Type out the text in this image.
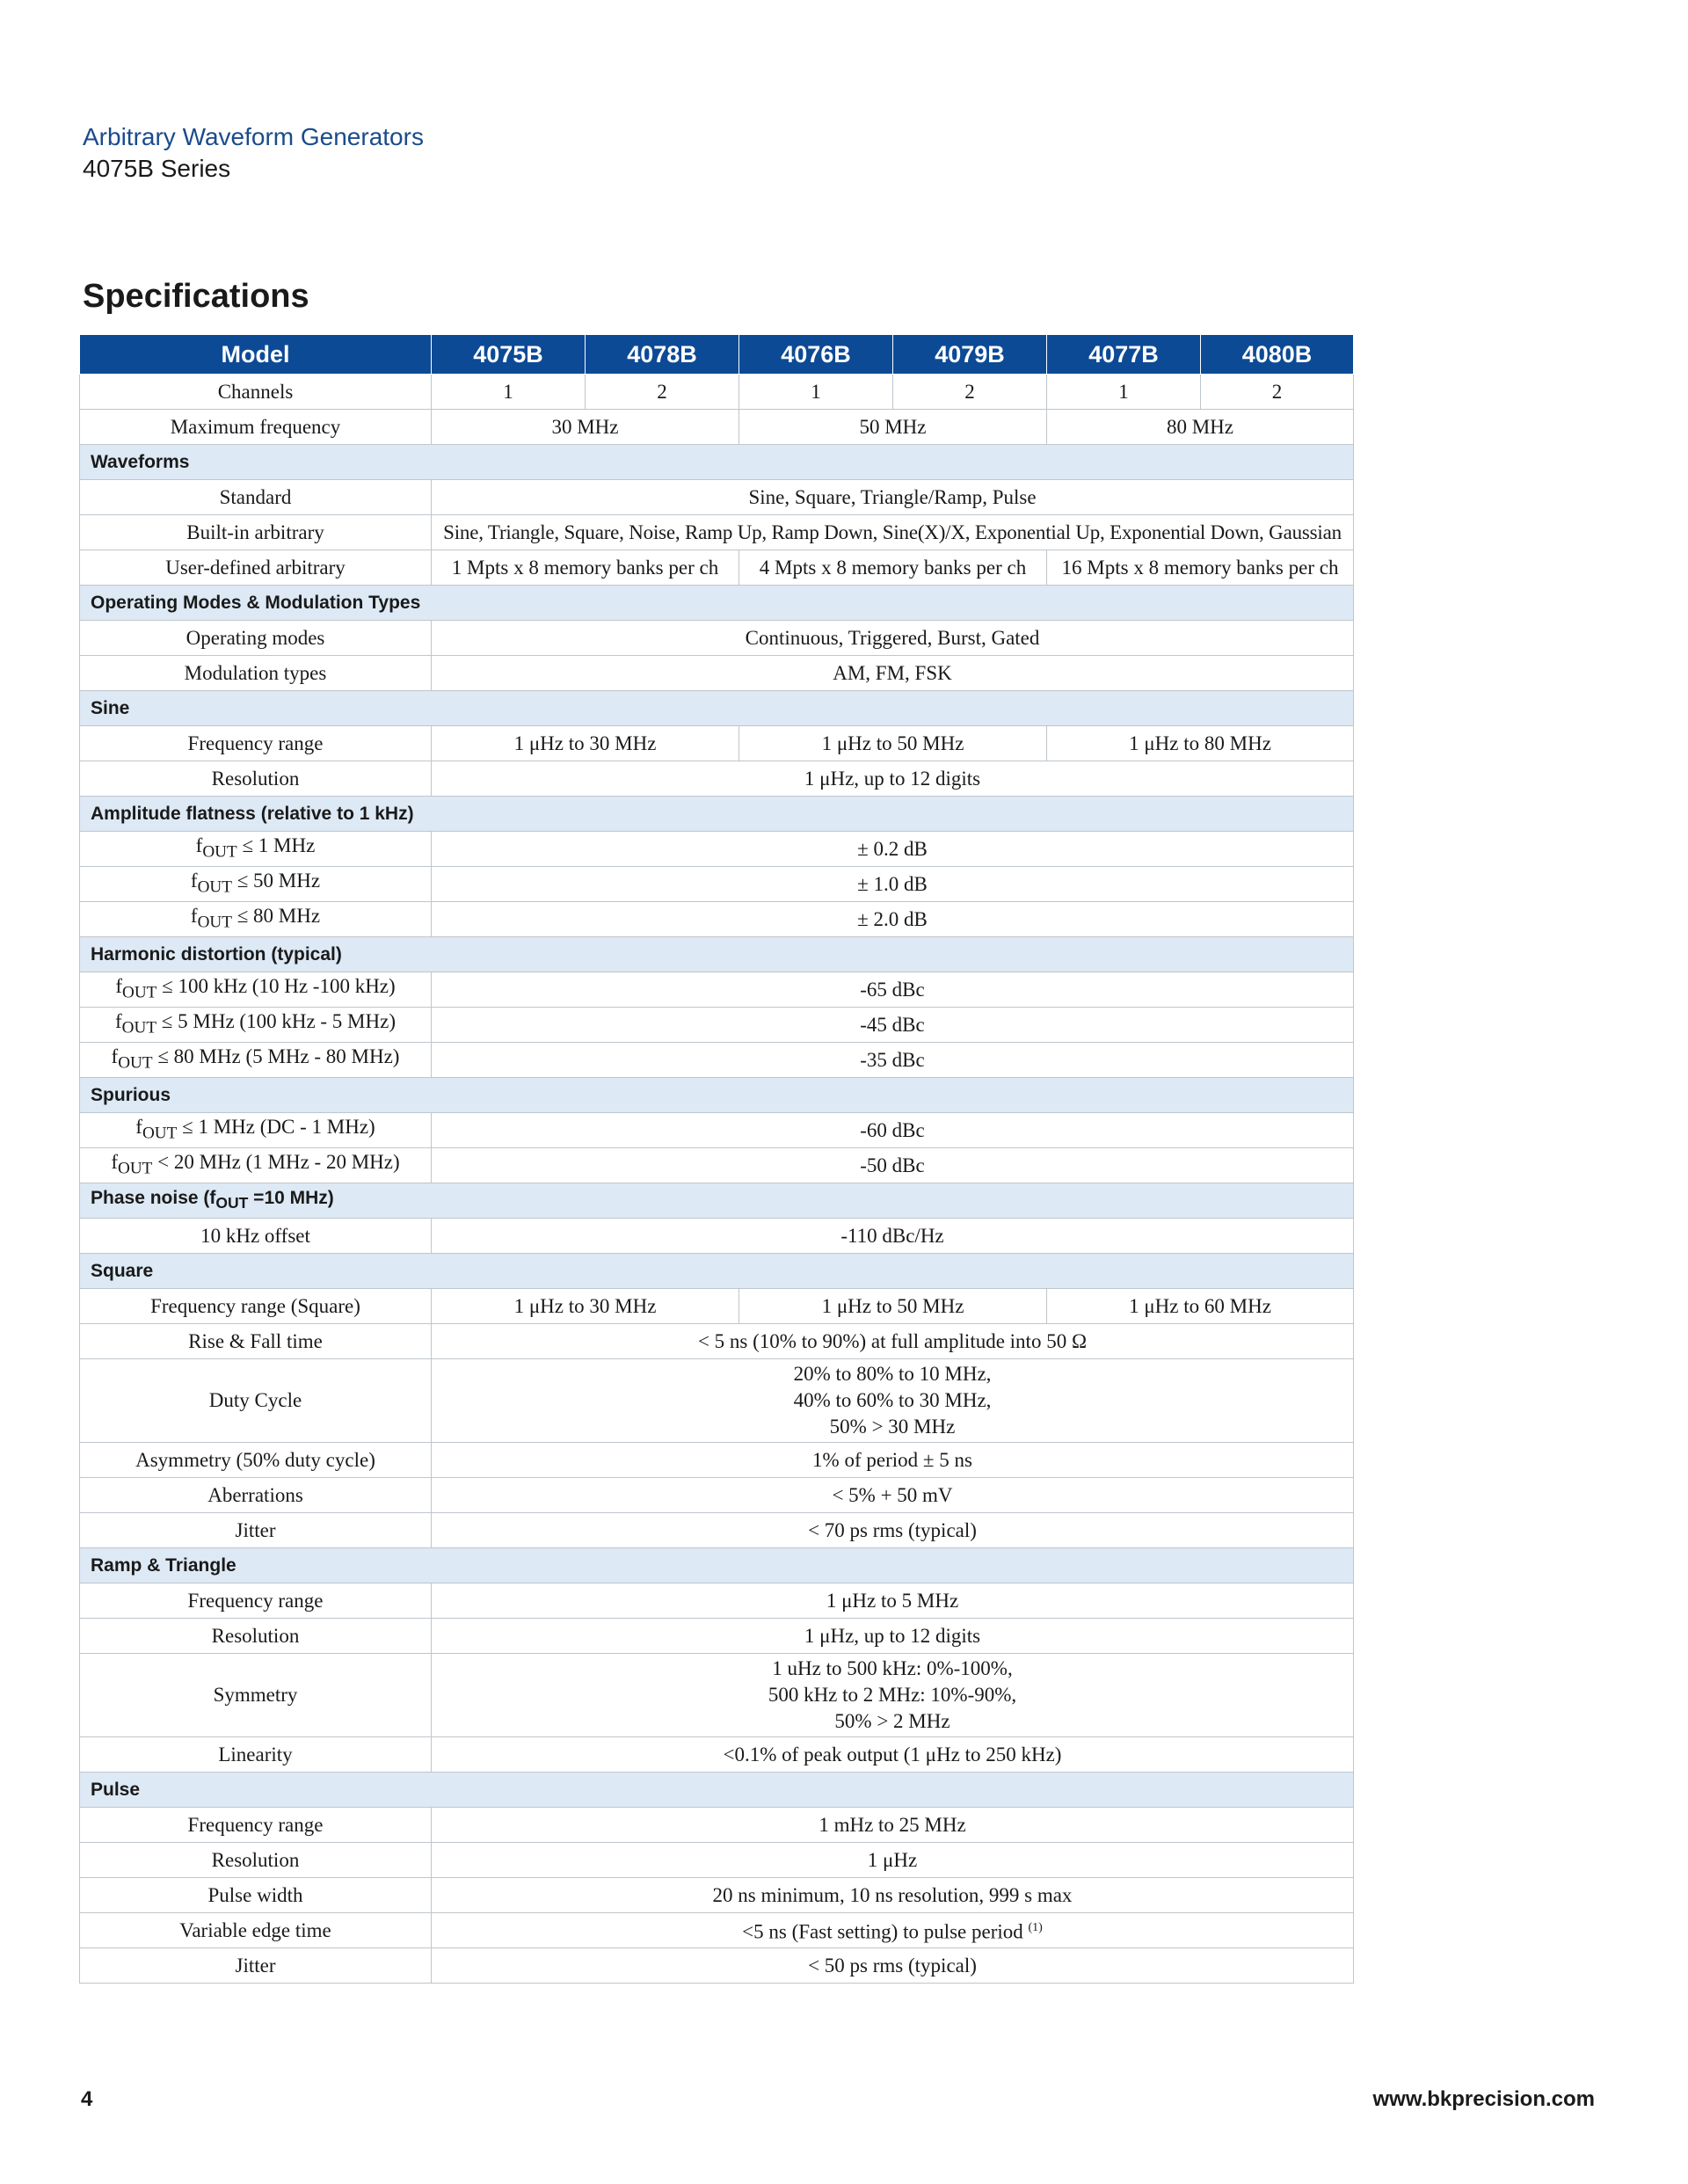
Arbitrary Waveform Generators
4075B Series
Specifications
Model	4075B	4078B	4076B	4079B	4077B	4080B
Channels	1	2	1	2	1	2
Maximum frequency	30 MHz		50 MHz		80 MHz	
Waveforms						
Standard	Sine, Square, Triangle/Ramp, Pulse					
Built-in arbitrary	Sine, Triangle, Square, Noise, Ramp Up, Ramp Down, Sine(X)/X, Exponential Up, Exponential Down, Gaussian					
User-defined arbitrary	1 Mpts x 8 memory banks per ch		4 Mpts x 8 memory banks per ch		16 Mpts x 8 memory banks per ch	
Operating Modes & Modulation Types						
Operating modes	Continuous, Triggered, Burst, Gated					
Modulation types	AM, FM, FSK					
Sine						
Frequency range	1 μHz to 30 MHz		1 μHz to 50 MHz		1 μHz to 80 MHz	
Resolution	1 μHz, up to 12 digits					
Amplitude flatness (relative to 1 kHz)						
$f_{OUT} \le 1$ MHz	± 0.2 dB					
$f_{OUT} \le 50$ MHz	± 1.0 dB					
$f_{OUT} \le 80$ MHz	± 2.0 dB					
Harmonic distortion (typical)						
$f_{OUT} \le 100$ kHz (10 Hz -100 kHz)	-65 dBc					
$f_{OUT} \le 5$ MHz (100 kHz - 5 MHz)	-45 dBc					
$f_{OUT} \le 80$ MHz (5 MHz - 80 MHz)	-35 dBc					
Spurious						
$f_{OUT} \le 1$ MHz (DC - 1 MHz)	-60 dBc					
$f_{OUT} < 20$ MHz (1 MHz - 20 MHz)	-50 dBc					
Phase noise ($f_{OUT} =10$ MHz)						
10 kHz offset	-110 dBc/Hz					
Square						
Frequency range (Square)	1 μHz to 30 MHz		1 μHz to 50 MHz		1 μHz to 60 MHz	
Rise & Fall time	< 5 ns (10% to 90%) at full amplitude into 50 Ω					
Duty Cycle	20% to 80% to 10 MHz,
40% to 60% to 30 MHz,
50% > 30 MHz					

Asymmetry (50% duty cycle)	1% of period ± 5 ns					
Aberrations	< 5% + 50 mV					
Jitter	< 70 ps rms (typical)					
Ramp & Triangle						
Frequency range	1 μHz to 5 MHz					
Resolution	1 μHz, up to 12 digits					
Symmetry	1 uHz to 500 kHz: 0%-100%,
500 kHz to 2 MHz: 10%-90%,
50% > 2 MHz					

Linearity	<0.1% of peak output (1 μHz to 250 kHz)					
Pulse						
Frequency range	1 mHz to 25 MHz					
Resolution	1 μHz					
Pulse width	20 ns minimum, 10 ns resolution, 999 s max					
Variable edge time	<5 ns (Fast setting) to pulse period $^{(1)}$
Jitter	< 50 ps rms (typical)					
4	www.bkprecision.com
